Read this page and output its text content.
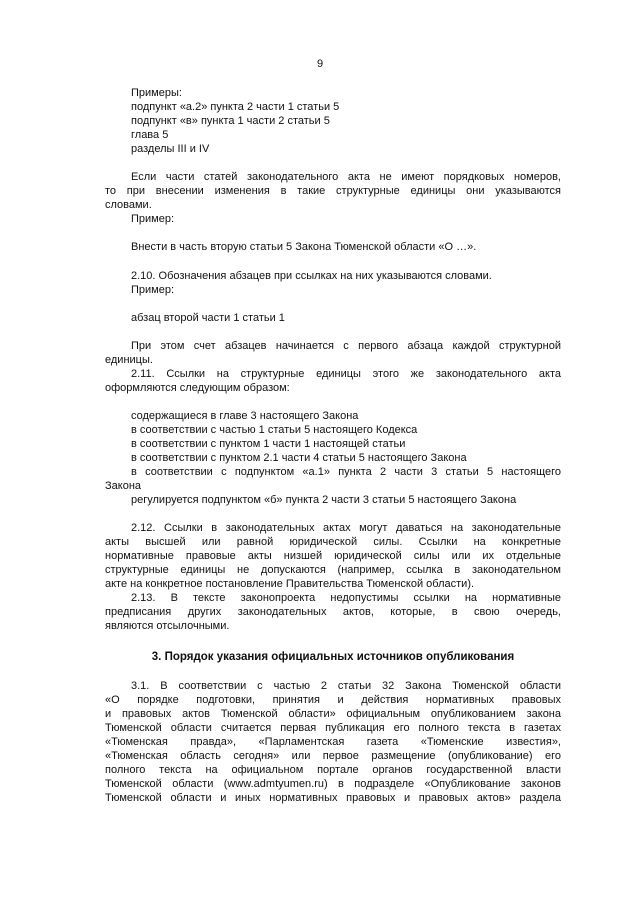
9
Примеры:
подпункт «а.2» пункта 2 части 1 статьи 5
подпункт «в» пункта 1 части 2 статьи 5
глава 5
разделы III и IV
Если части статей законодательного акта не имеют порядковых номеров,
то при внесении изменения в такие структурные единицы они указываются
словами.
Пример:
Внести в часть вторую статьи 5 Закона Тюменской области «О …».
2.10. Обозначения абзацев при ссылках на них указываются словами.
Пример:
абзац второй части 1 статьи 1
При этом счет абзацев начинается с первого абзаца каждой структурной
единицы.
2.11. Ссылки на структурные единицы этого же законодательного акта
оформляются следующим образом:
содержащиеся в главе 3 настоящего Закона
в соответствии с частью 1 статьи 5 настоящего Кодекса
в соответствии с пунктом 1 части 1 настоящей статьи
в соответствии с пунктом 2.1 части 4 статьи 5 настоящего Закона
в соответствии с подпунктом «а.1» пункта 2 части 3 статьи 5 настоящего
Закона
регулируется подпунктом «б» пункта 2 части 3 статьи 5 настоящего Закона
2.12. Ссылки в законодательных актах могут даваться на законодательные
акты высшей или равной юридической силы. Ссылки на конкретные
нормативные правовые акты низшей юридической силы или их отдельные
структурные единицы не допускаются (например, ссылка в законодательном
акте на конкретное постановление Правительства Тюменской области).
2.13. В тексте законопроекта недопустимы ссылки на нормативные
предписания других законодательных актов, которые, в свою очередь,
являются отсылочными.
3. Порядок указания официальных источников опубликования
3.1. В соответствии с частью 2 статьи 32 Закона Тюменской области
«О порядке подготовки, принятия и действия нормативных правовых
и правовых актов Тюменской области» официальным опубликованием закона
Тюменской области считается первая публикация его полного текста в газетах
«Тюменская правда», «Парламентская газета «Тюменские известия»,
«Тюменская область сегодня» или первое размещение (опубликование) его
полного текста на официальном портале органов государственной власти
Тюменской области (www.admtyumen.ru) в подразделе «Опубликование законов
Тюменской области и иных нормативных правовых и правовых актов» раздела
